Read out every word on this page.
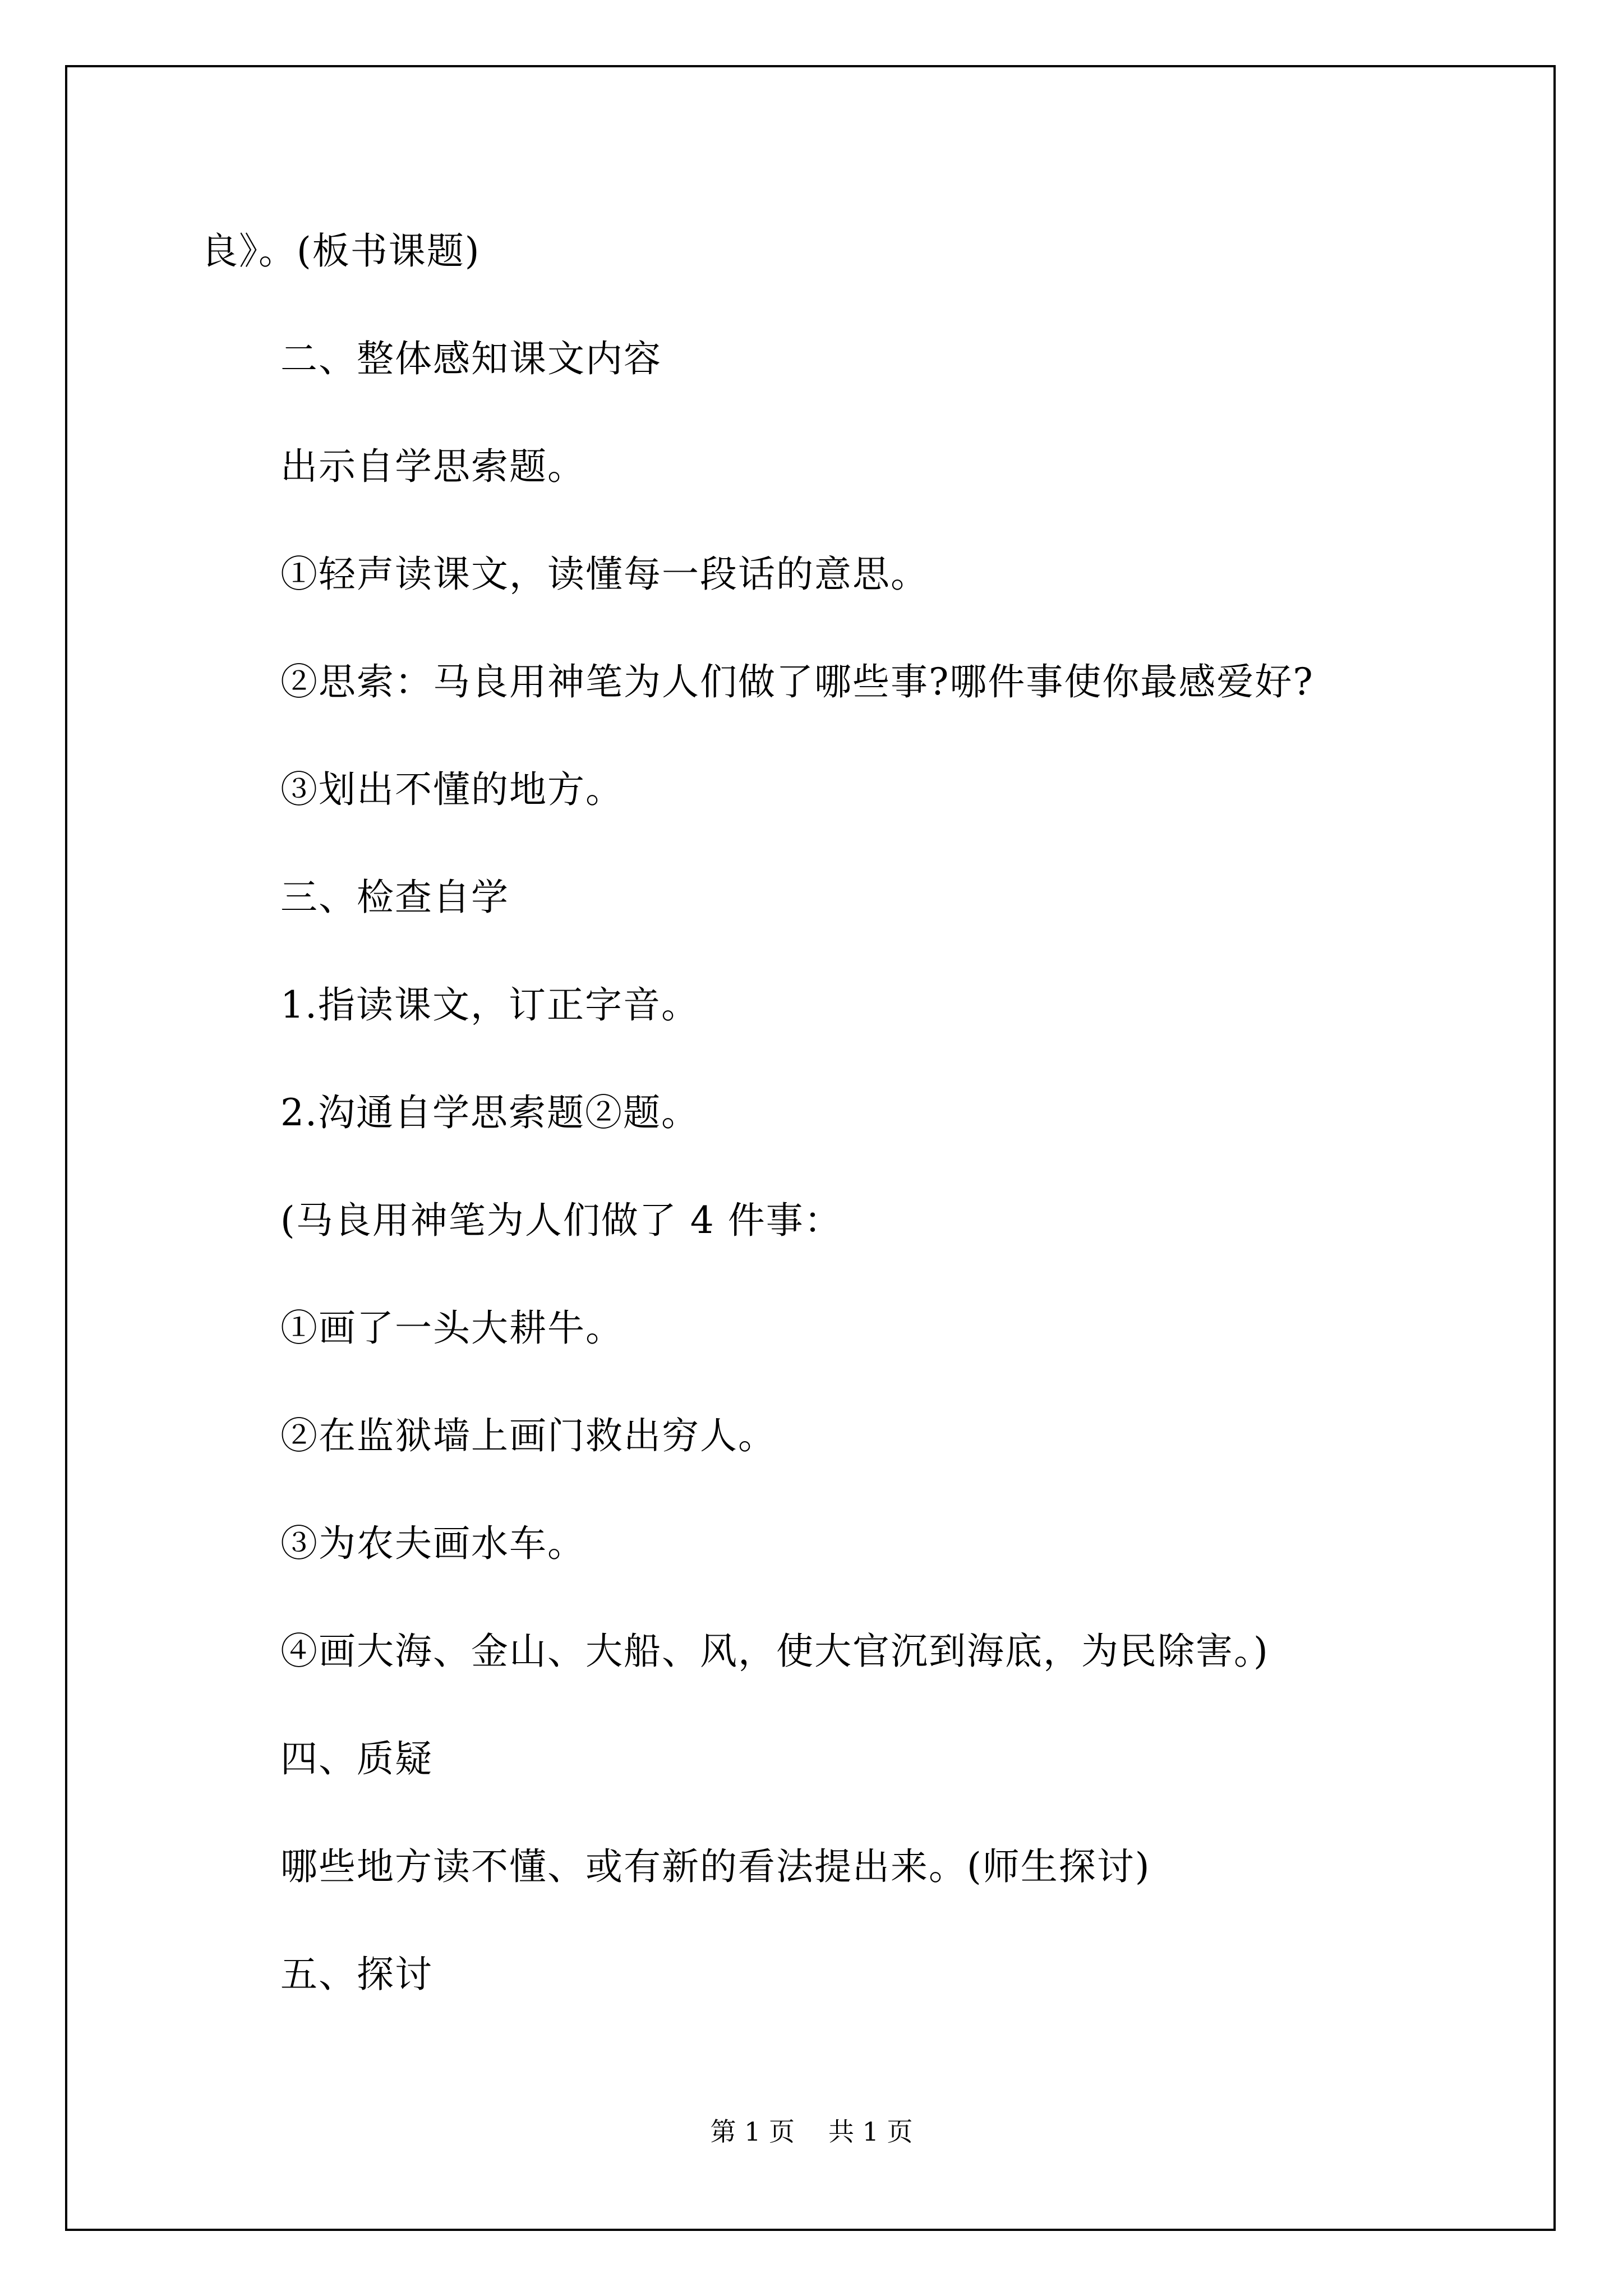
良》。(板书课题)
二、整体感知课文内容
出示自学思索题。
①轻声读课文，读懂每一段话的意思。
②思索：马良用神笔为人们做了哪些事?哪件事使你最感爱好?
③划出不懂的地方。
三、检查自学
1.指读课文，订正字音。
2.沟通自学思索题②题。
(马良用神笔为人们做了 4 件事：
①画了一头大耕牛。
②在监狱墙上画门救出穷人。
③为农夫画水车。
④画大海、金山、大船、风，使大官沉到海底，为民除害。)
四、质疑
哪些地方读不懂、或有新的看法提出来。(师生探讨)
五、探讨
第 1 页 共 1 页
